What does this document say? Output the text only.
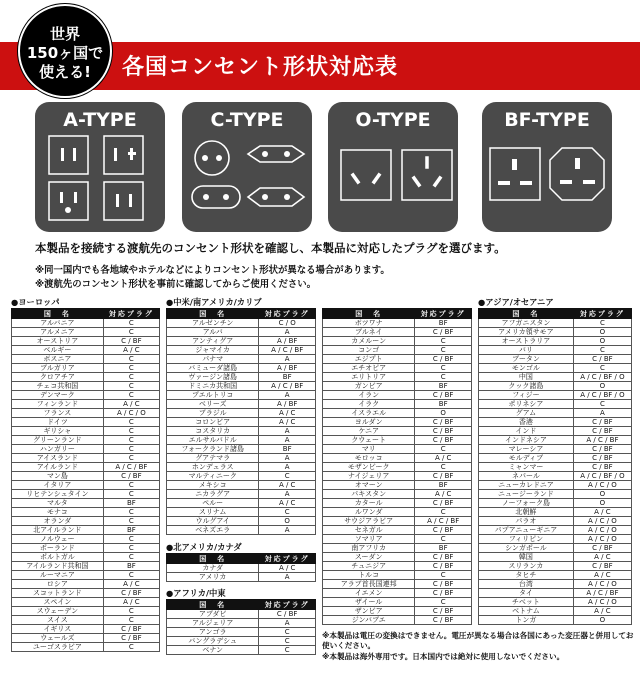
各国コンセント形状対応表
世界
150ヶ国で
使える!
A-TYPE	C-TYPE	O-TYPE	BF-TYPE
本製品を接続する渡航先のコンセント形状を確認し、本製品に対応したプラグを選びます。
※同一国内でも各地域やホテルなどによりコンセント形状が異なる場合があります。
※渡航先のコンセント形状を事前に確認してからご使用ください。
●ヨーロッパ
国　名	対応プラグ
アルバニア	C
アルメニア	C
オーストリア	C / BF
ベルギー	A / C
ボスニア	C
ブルガリア	C
クロアチア	C
チェコ共和国	C
デンマーク	C
フィンランド	A / C
フランス	A / C / O
ドイツ	C
ギリシャ	C
グリーンランド	C
ハンガリー	C
アイスランド	C
アイルランド	A / C / BF
マン島	C / BF
イタリア	C
リヒテンシュタイン	C
マルタ	BF
モナコ	C
オランダ	C
北アイルランド	BF
ノルウェー	C
ポーランド	C
ポルトガル	C
アイルランド共和国	BF
ルーマニア	C
ロシア	A / C
スコットランド	C / BF
スペイン	A / C
スウェーデン	C
スイス	C
イギリス	C / BF
ウェールズ	C / BF
ユーゴスラビア	C
●中米/南アメリカ/カリブ
国　名	対応プラグ
アルゼンチン	C / O
アルバ	A
アンティグア	A / BF
ジャマイカ	A / C / BF
パナマ	A
バミューダ諸島	A / BF
ヴァージン諸島	BF
ドミニカ共和国	A / C / BF
プエルトリコ	A
ベリーズ	A / BF
ブラジル	A / C
コロンビア	A / C
コスタリカ	A
エルサルバドル	A
フォークランド諸島	BF
グアテマラ	A
ホンデュラス	A
マルティニーク	C
メキシコ	A / C
ニカラグア	A
ペルー	A / C
スリナム	C
ウルグアイ	O
ベネズエラ	A
●北アメリカ/カナダ
国　名	対応プラグ
カナダ	A / C
アメリカ	A
●アフリカ/中東
国　名	対応プラグ
アブダビ	C / BF
アルジェリア	A
アンゴラ	C
バングラデシュ	C
ベナン	C
国　名	対応プラグ
ボツワナ	BF
ブルネイ	C / BF
カメルーン	C
コンゴ	C
エジプト	C / BF
エチオピア	C
エリトリア	C
ガンビア	BF
イラン	C / BF
イラク	BF
イスラエル	O
ヨルダン	C / BF
ケニア	C / BF
クウェート	C / BF
マリ	C
モロッコ	A / C
モザンビーク	C
ナイジェリア	C / BF
オマーン	BF
パキスタン	A / C
カタール	C / BF
ルワンダ	C
サウジアラビア	A / C / BF
セネガル	C / BF
ソマリア	C
南アフリカ	BF
スーダン	C / BF
チュニジア	C / BF
トルコ	C
アラブ首長国連邦	C / BF
イエメン	C / BF
ザイール	C
ザンビア	C / BF
ジンバブエ	C / BF
●アジア/オセアニア
国　名	対応プラグ
アフガニスタン	C
アメリカ領サモア	O
オーストラリア	O
バリ	C
ブータン	C / BF
モンゴル	C
中国	A / C / BF / O
クック諸島	O
フィジー	A / C / BF / O
ポリネシア	C
グアム	A
香港	C / BF
インド	C / BF
インドネシア	A / C / BF
マレーシア	C / BF
モルディブ	C / BF
ミャンマー	C / BF
ネパール	A / C / BF / O
ニューカレドニア	A / C / O
ニュージーランド	O
ノーフォーク島	O
北朝鮮	A / C
パラオ	A / C / O
パプアニューギニア	A / C / O
フィリピン	A / C / O
シンガポール	C / BF
韓国	A / C
スリランカ	C / BF
タヒチ	A / C
台湾	A / C / O
タイ	A / C / BF
チベット	A / C / O
ベトナム	A / C
トンガ	O
※本製品は電圧の変換はできません。電圧が異なる場合は各国にあった変圧器と併用してお使いください。
※本製品は海外専用です。日本国内では絶対に使用しないでください。
